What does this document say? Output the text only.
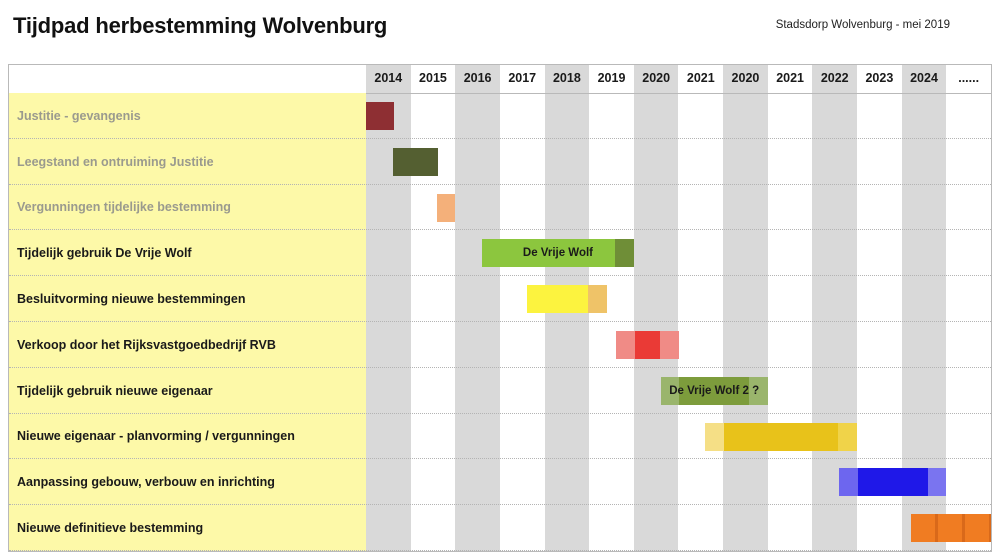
Tijdpad herbestemming Wolvenburg	Stadsdorp Wolvenburg - mei 2019
2014	2015	2016	2017	2018	2019	2020	2021	2020	2021	2022	2023	2024	......
Justitie - gevangenis
Leegstand en ontruiming Justitie
Vergunningen tijdelijke bestemming
Tijdelijk gebruik De Vrije Wolf	De Vrije Wolf
Besluitvorming nieuwe bestemmingen
Verkoop door het Rijksvastgoedbedrijf RVB
Tijdelijk gebruik nieuwe eigenaar	De Vrije Wolf 2 ?
Nieuwe eigenaar - planvorming / vergunningen
Aanpassing gebouw, verbouw en inrichting
Nieuwe definitieve bestemming
